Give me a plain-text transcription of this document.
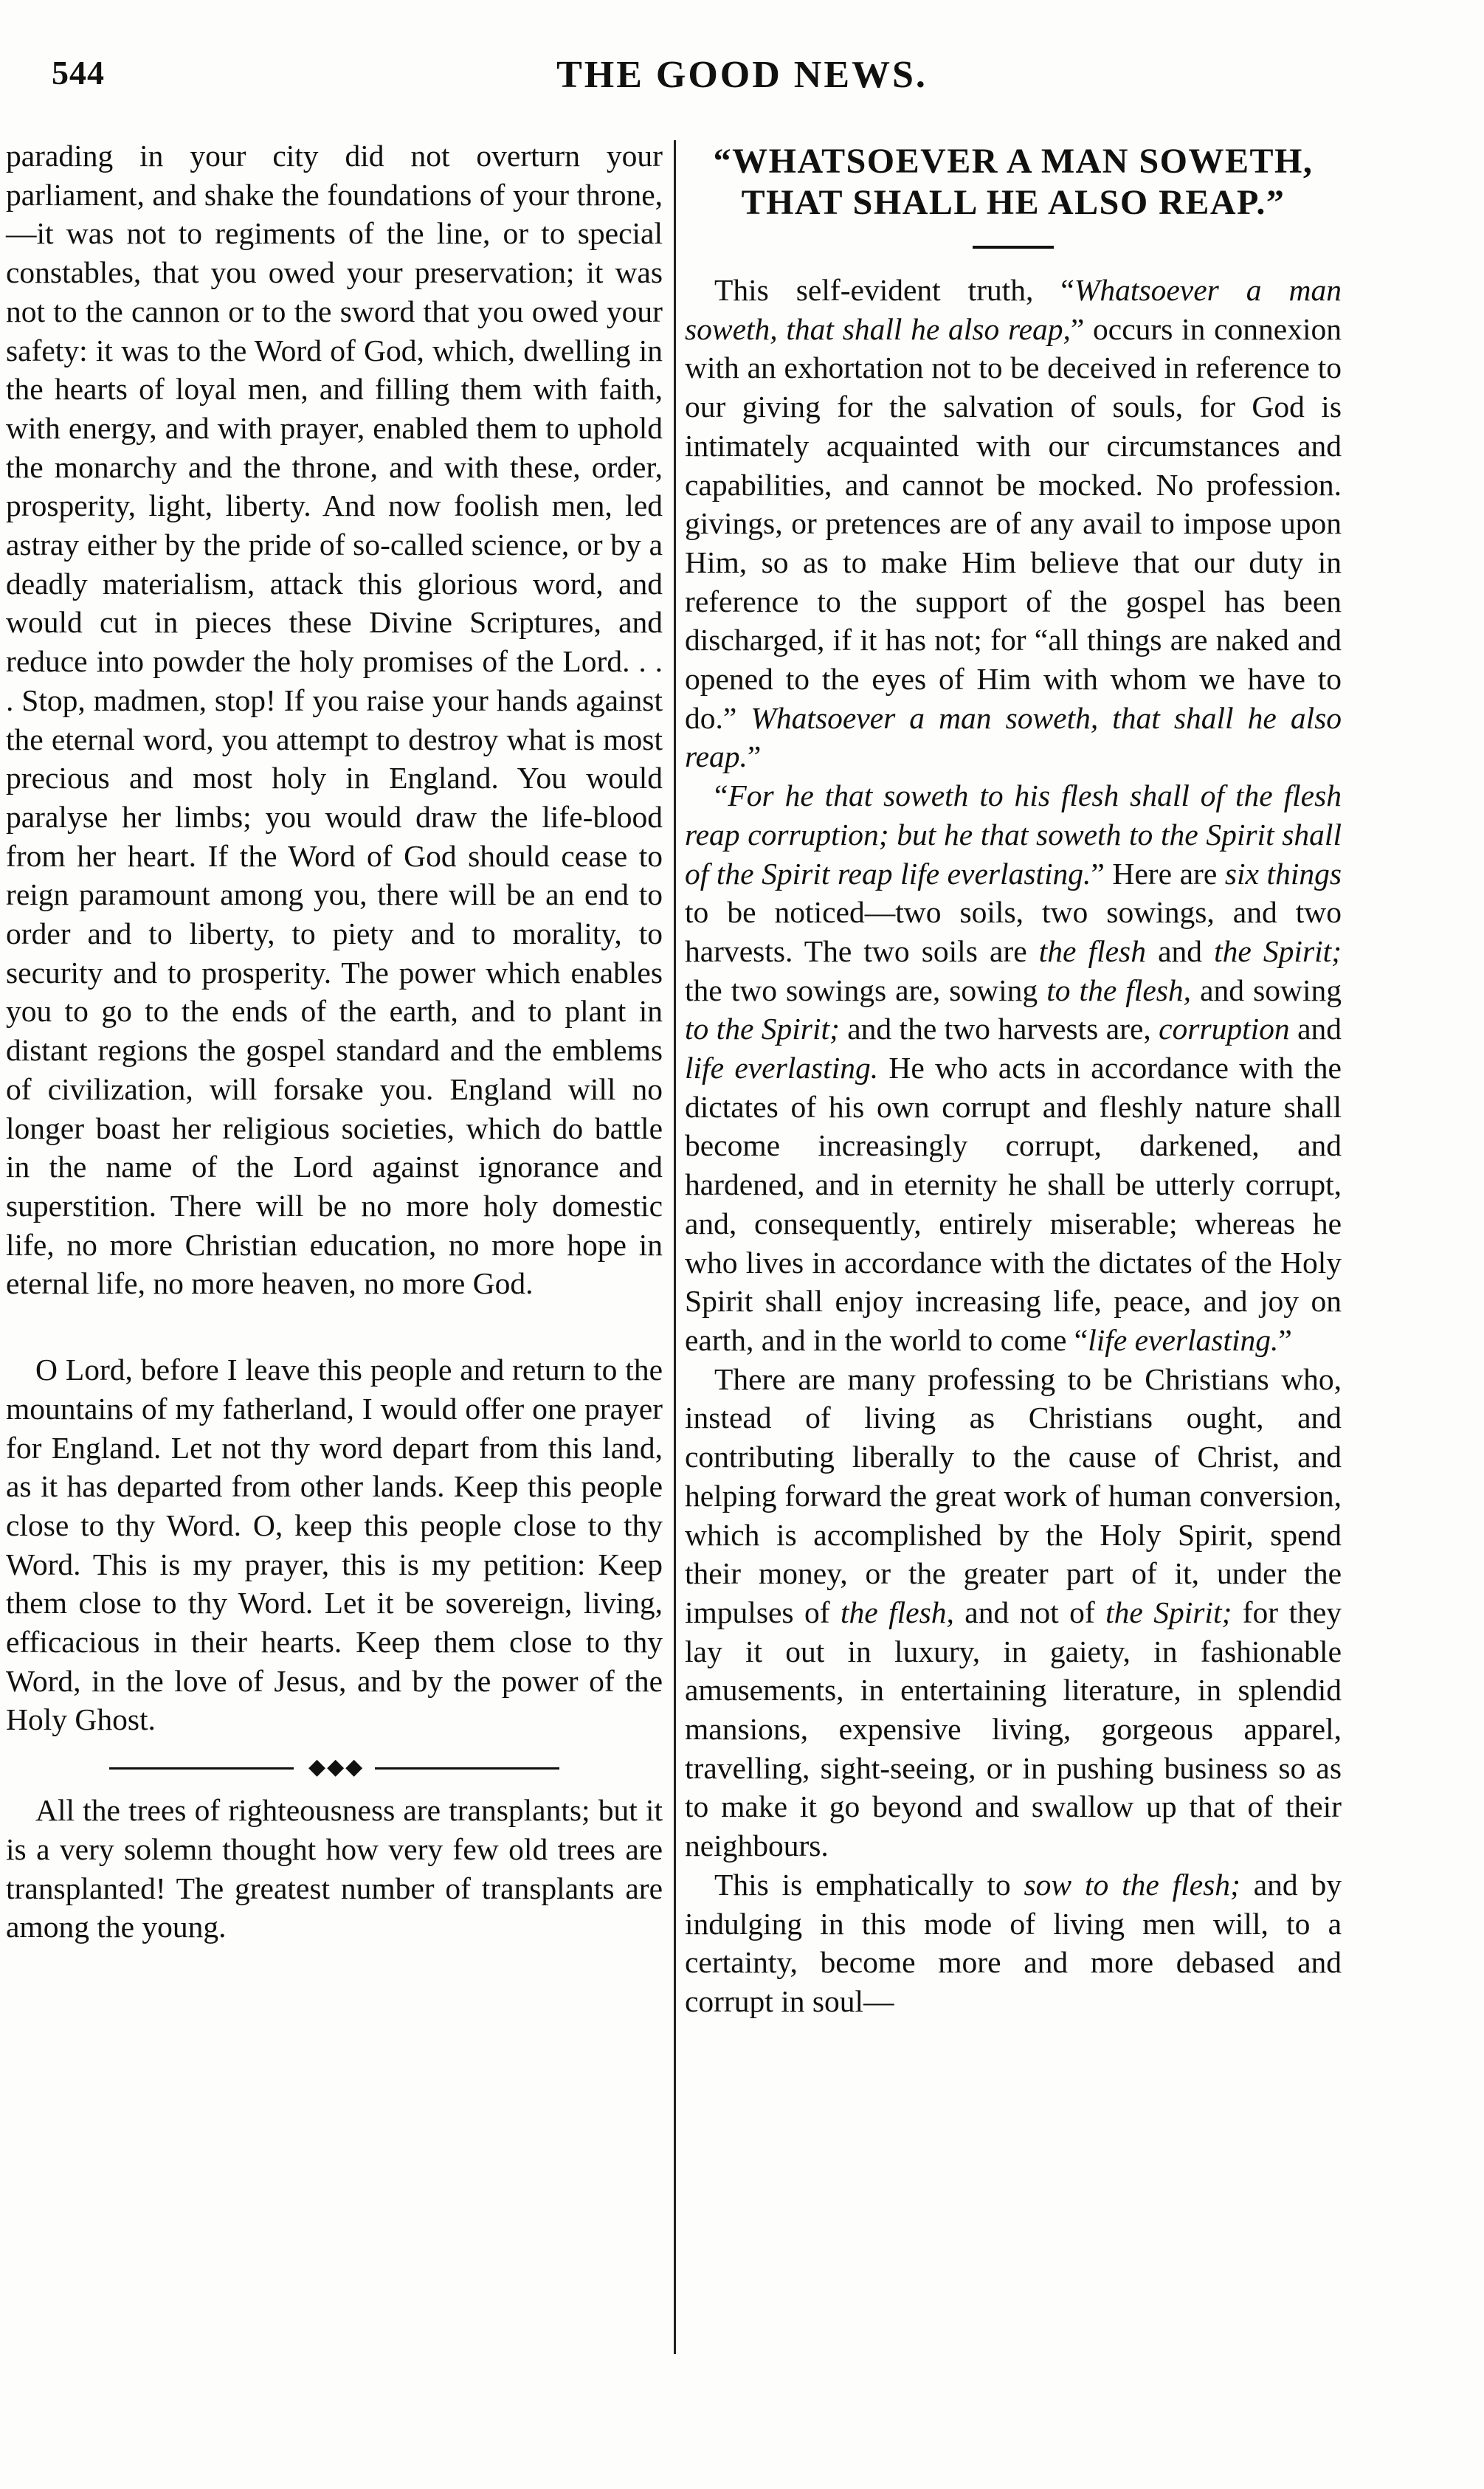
544	THE GOOD NEWS.

parading in your city did not overturn your parliament, and shake the foundations of your throne,—it was not to regiments of the line, or to special constables, that you owed your preservation; it was not to the cannon or to the sword that you owed your safety: it was to the Word of God, which, dwelling in the hearts of loyal men, and filling them with faith, with energy, and with prayer, enabled them to uphold the monarchy and the throne, and with these, order, prosperity, light, liberty. And now foolish men, led astray either by the pride of so-called science, or by a deadly materialism, attack this glorious word, and would cut in pieces these Divine Scriptures, and reduce into powder the holy promises of the Lord. . . . Stop, madmen, stop! If you raise your hands against the eternal word, you attempt to destroy what is most precious and most holy in England. You would paralyse her limbs; you would draw the life-blood from her heart. If the Word of God should cease to reign paramount among you, there will be an end to order and to liberty, to piety and to morality, to security and to prosperity. The power which enables you to go to the ends of the earth, and to plant in distant regions the gospel standard and the emblems of civilization, will forsake you. England will no longer boast her religious societies, which do battle in the name of the Lord against ignorance and superstition. There will be no more holy domestic life, no more Christian education, no more hope in eternal life, no more heaven, no more God.

O Lord, before I leave this people and return to the mountains of my fatherland, I would offer one prayer for England. Let not thy word depart from this land, as it has departed from other lands. Keep this people close to thy Word. O, keep this people close to thy Word. This is my prayer, this is my petition: Keep them close to thy Word. Let it be sovereign, living, efficacious in their hearts. Keep them close to thy Word, in the love of Jesus, and by the power of the Holy Ghost.

◆◆◆

All the trees of righteousness are transplants; but it is a very solemn thought how very few old trees are transplanted! The greatest number of transplants are among the young.

“WHATSOEVER A MAN SOWETH, THAT SHALL HE ALSO REAP.”

This self-evident truth, “Whatsoever a man soweth, that shall he also reap,” occurs in connexion with an exhortation not to be deceived in reference to our giving for the salvation of souls, for God is intimately acquainted with our circumstances and capabilities, and cannot be mocked. No profession. givings, or pretences are of any avail to impose upon Him, so as to make Him believe that our duty in reference to the support of the gospel has been discharged, if it has not; for “all things are naked and opened to the eyes of Him with whom we have to do.” Whatsoever a man soweth, that shall he also reap.”

“For he that soweth to his flesh shall of the flesh reap corruption; but he that soweth to the Spirit shall of the Spirit reap life everlasting.” Here are six things to be noticed—two soils, two sowings, and two harvests. The two soils are the flesh and the Spirit; the two sowings are, sowing to the flesh, and sowing to the Spirit; and the two harvests are, corruption and life everlasting. He who acts in accordance with the dictates of his own corrupt and fleshly nature shall become increasingly corrupt, darkened, and hardened, and in eternity he shall be utterly corrupt, and, consequently, entirely miserable; whereas he who lives in accordance with the dictates of the Holy Spirit shall enjoy increasing life, peace, and joy on earth, and in the world to come “life everlasting.”

There are many professing to be Christians who, instead of living as Christians ought, and contributing liberally to the cause of Christ, and helping forward the great work of human conversion, which is accomplished by the Holy Spirit, spend their money, or the greater part of it, under the impulses of the flesh, and not of the Spirit; for they lay it out in luxury, in gaiety, in fashionable amusements, in entertaining literature, in splendid mansions, expensive living, gorgeous apparel, travelling, sight-seeing, or in pushing business so as to make it go beyond and swallow up that of their neighbours.

This is emphatically to sow to the flesh; and by indulging in this mode of living men will, to a certainty, become more and more debased and corrupt in soul—
